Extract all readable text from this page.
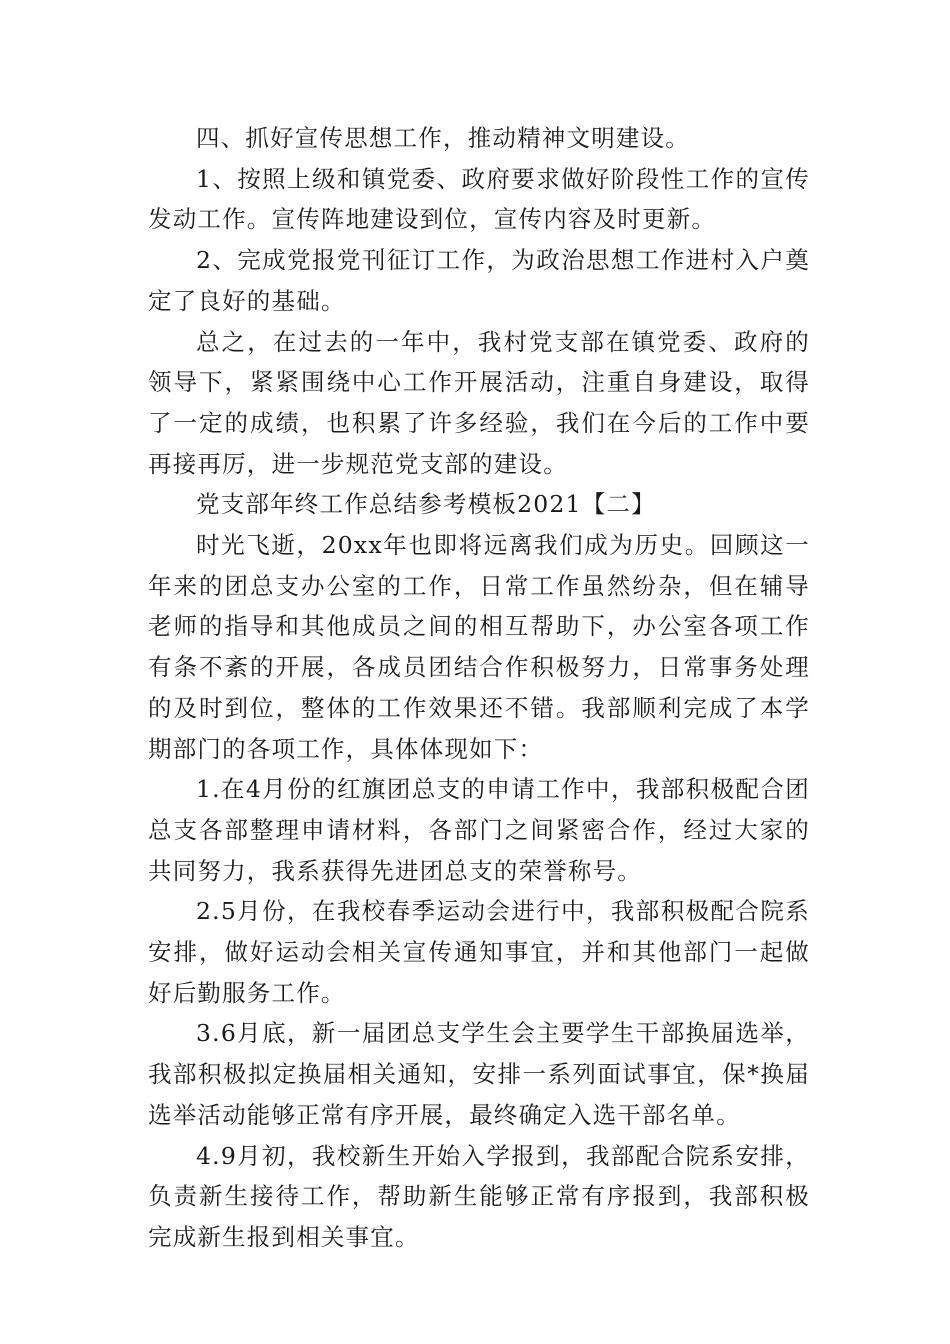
四、抓好宣传思想工作，推动精神文明建设。

1、按照上级和镇党委、政府要求做好阶段性工作的宣传发动工作。宣传阵地建设到位，宣传内容及时更新。

2、完成党报党刊征订工作，为政治思想工作进村入户奠定了良好的基础。

总之，在过去的一年中，我村党支部在镇党委、政府的领导下，紧紧围绕中心工作开展活动，注重自身建设，取得了一定的成绩，也积累了许多经验，我们在今后的工作中要再接再厉，进一步规范党支部的建设。

党支部年终工作总结参考模板2021【二】

时光飞逝，20xx年也即将远离我们成为历史。回顾这一年来的团总支办公室的工作，日常工作虽然纷杂，但在辅导老师的指导和其他成员之间的相互帮助下，办公室各项工作有条不紊的开展，各成员团结合作积极努力，日常事务处理的及时到位，整体的工作效果还不错。我部顺利完成了本学期部门的各项工作，具体体现如下：

1.在4月份的红旗团总支的申请工作中，我部积极配合团总支各部整理申请材料，各部门之间紧密合作，经过大家的共同努力，我系获得先进团总支的荣誉称号。

2.5月份，在我校春季运动会进行中，我部积极配合院系安排，做好运动会相关宣传通知事宜，并和其他部门一起做好后勤服务工作。

3.6月底，新一届团总支学生会主要学生干部换届选举，我部积极拟定换届相关通知，安排一系列面试事宜，保*换届选举活动能够正常有序开展，最终确定入选干部名单。

4.9月初，我校新生开始入学报到，我部配合院系安排，负责新生接待工作，帮助新生能够正常有序报到，我部积极完成新生报到相关事宜。
